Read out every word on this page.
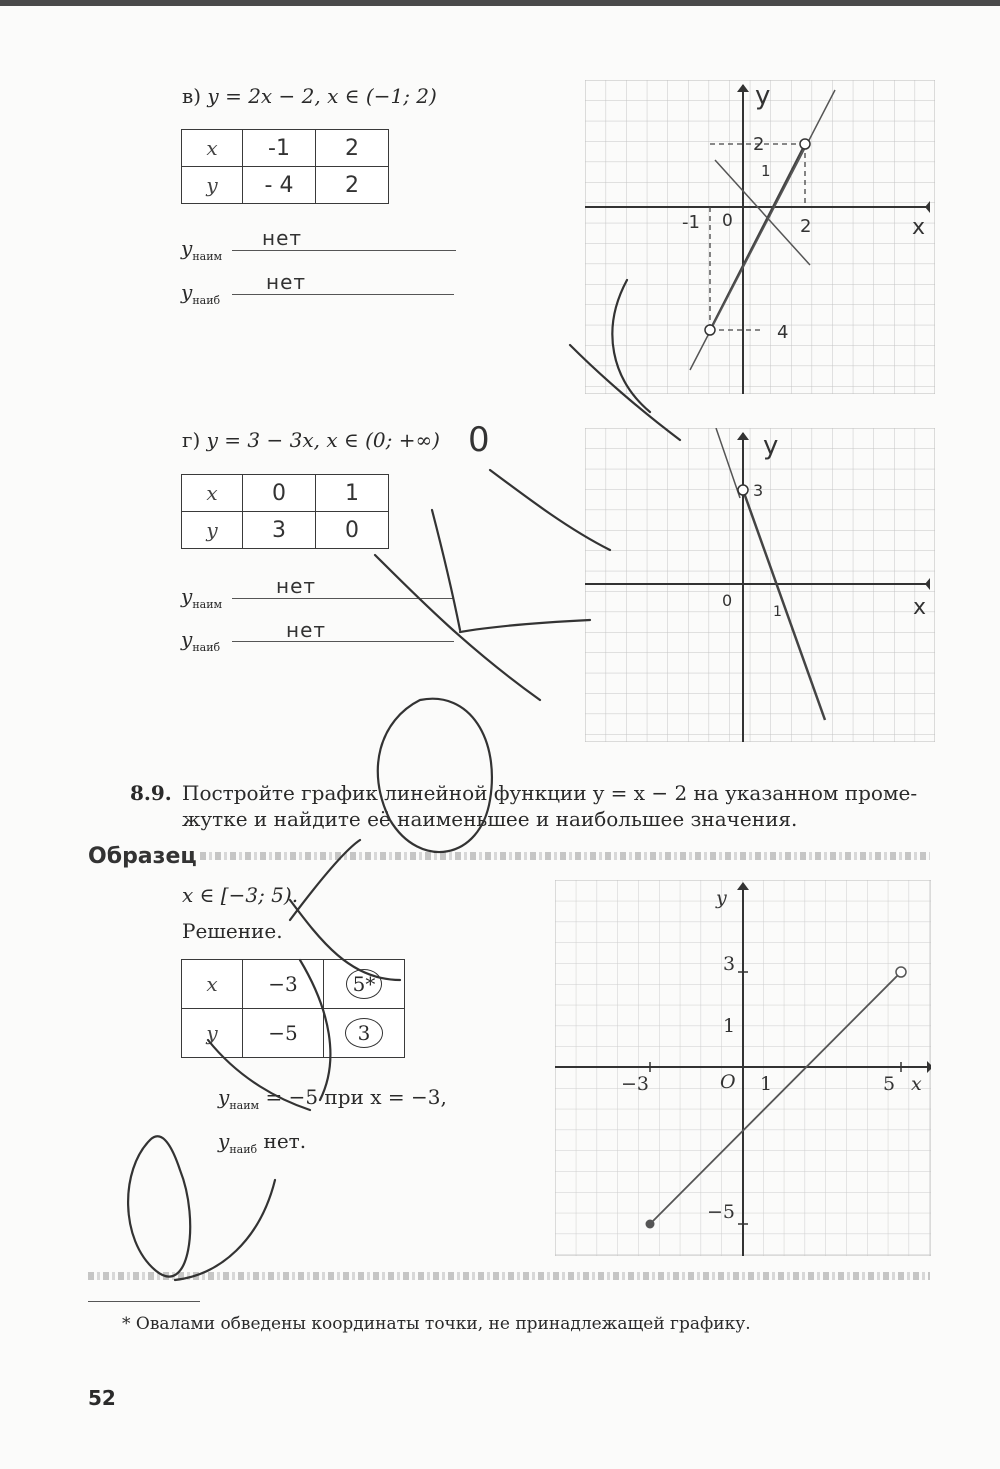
в) y = 2x − 2, x ∈ (−1; 2)
x	-1	2
y	- 4	2
$y_{наим}$
нет
$y_{наиб}$
нет
y
x
0
-1	2
2
1
4
г) y = 3 − 3x, x ∈ (0; +∞) 0
x	0	1
y	3	0
$y_{наим}$
нет
$y_{наиб}$
нет
y
x
0
3
1
8.9. Постройте график линейной функции y = x − 2 на указанном проме-
жутке и найдите её наименьшее и наибольшее значения.
Образец
x ∈ [−3; 5).
Решение.
x	−3	5*
y	−5	3
$y_{наим} = -5$ при x = −3,
$y_{наиб}$ нет.
y
x
O
−3	1	5
3
1
−5
* Овалами обведены координаты точки, не принадлежащей графику.
52
